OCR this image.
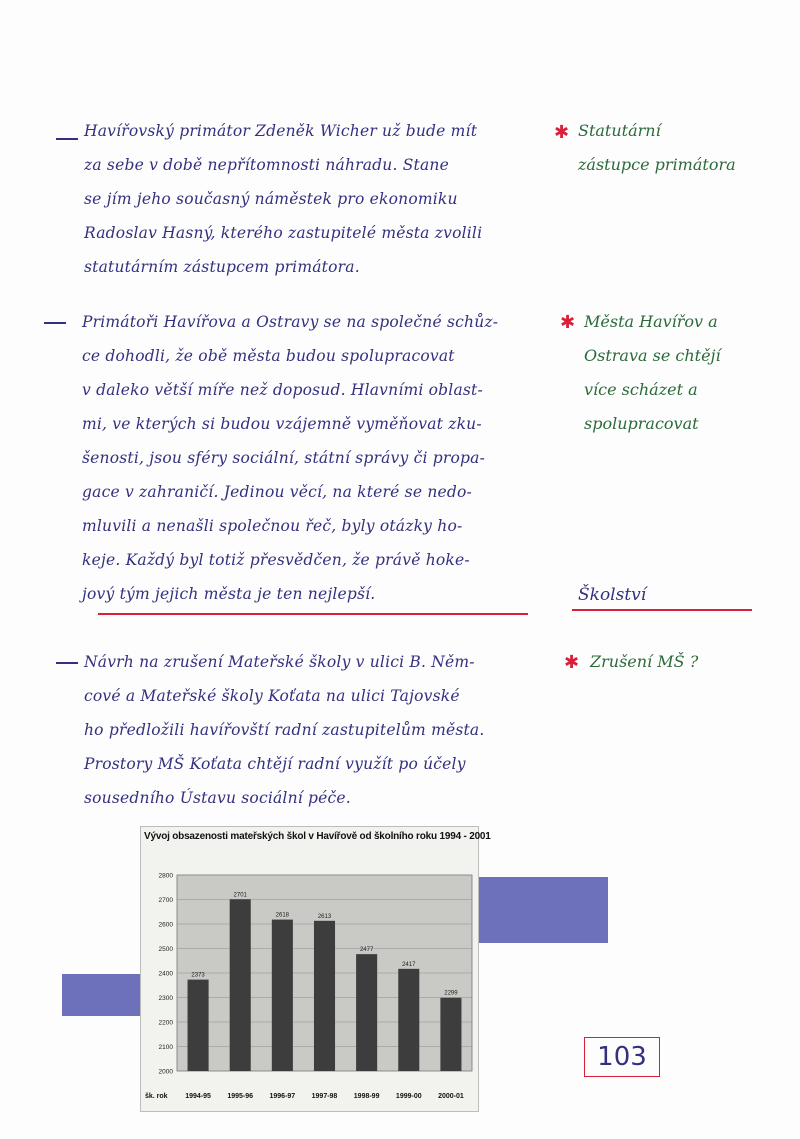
Havířovský primátor Zdeněk Wicher už bude mít
za sebe v době nepřítomnosti náhradu. Stane
se jím jeho současný náměstek pro ekonomiku
Radoslav Hasný, kterého zastupitelé města zvolili
statutárním zástupcem primátora.
✱ Statutární
zástupce primátora
Primátoři Havířova a Ostravy se na společné schůz-
ce dohodli, že obě města budou spolupracovat
v daleko větší míře než doposud. Hlavními oblast-
mi, ve kterých si budou vzájemně vyměňovat zku-
šenosti, jsou sféry sociální, státní správy či propa-
gace v zahraničí. Jedinou věcí, na které se nedo-
mluvili a nenašli společnou řeč, byly otázky ho-
keje. Každý byl totiž přesvědčen, že právě hoke-
jový tým jejich města je ten nejlepší.
✱ Města Havířov a
Ostrava se chtějí
více scházet a
spolupracovat
Školství
Návrh na zrušení Mateřské školy v ulici B. Něm-
cové a Mateřské školy Koťata na ulici Tajovské
ho předložili havířovští radní zastupitelům města.
Prostory MŠ Koťata chtějí radní využít po účely
sousedního Ústavu sociální péče.
✱ Zrušení MŠ ?
Vývoj obsazenosti mateřských škol v Havířově od školního roku 1994 - 2001
2000
2100
2200
2300
2400
2500
2600
2700
2800
2373
1994-95
2701
1995-96
2618
1996-97
2613
1997-98
2477
1998-99
2417
1999-00
2299
2000-01
šk. rok
103
